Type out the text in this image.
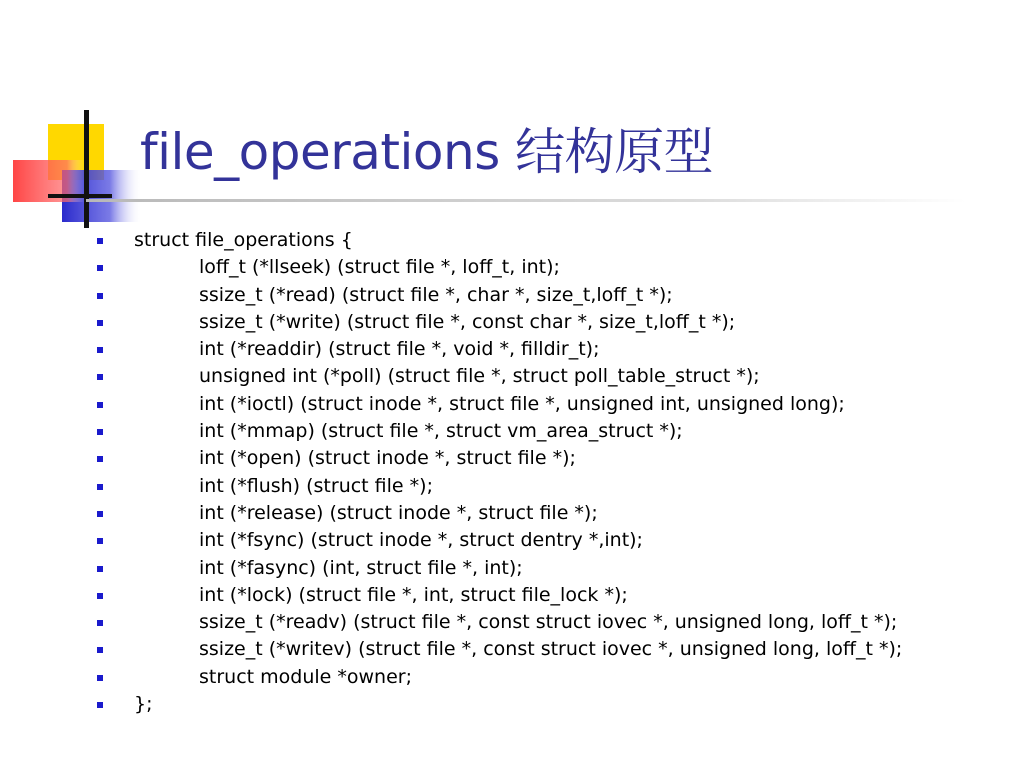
file_operations 结构原型
struct file_operations {
loff_t (*llseek) (struct file *, loff_t, int);
ssize_t (*read) (struct file *, char *, size_t,loff_t *);
ssize_t (*write) (struct file *, const char *, size_t,loff_t *);
int (*readdir) (struct file *, void *, filldir_t);
unsigned int (*poll) (struct file *, struct poll_table_struct *);
int (*ioctl) (struct inode *, struct file *, unsigned int, unsigned long);
int (*mmap) (struct file *, struct vm_area_struct *);
int (*open) (struct inode *, struct file *);
int (*flush) (struct file *);
int (*release) (struct inode *, struct file *);
int (*fsync) (struct inode *, struct dentry *,int);
int (*fasync) (int, struct file *, int);
int (*lock) (struct file *, int, struct file_lock *);
ssize_t (*readv) (struct file *, const struct iovec *, unsigned long, loff_t *);
ssize_t (*writev) (struct file *, const struct iovec *, unsigned long, loff_t *);
struct module *owner;
};
